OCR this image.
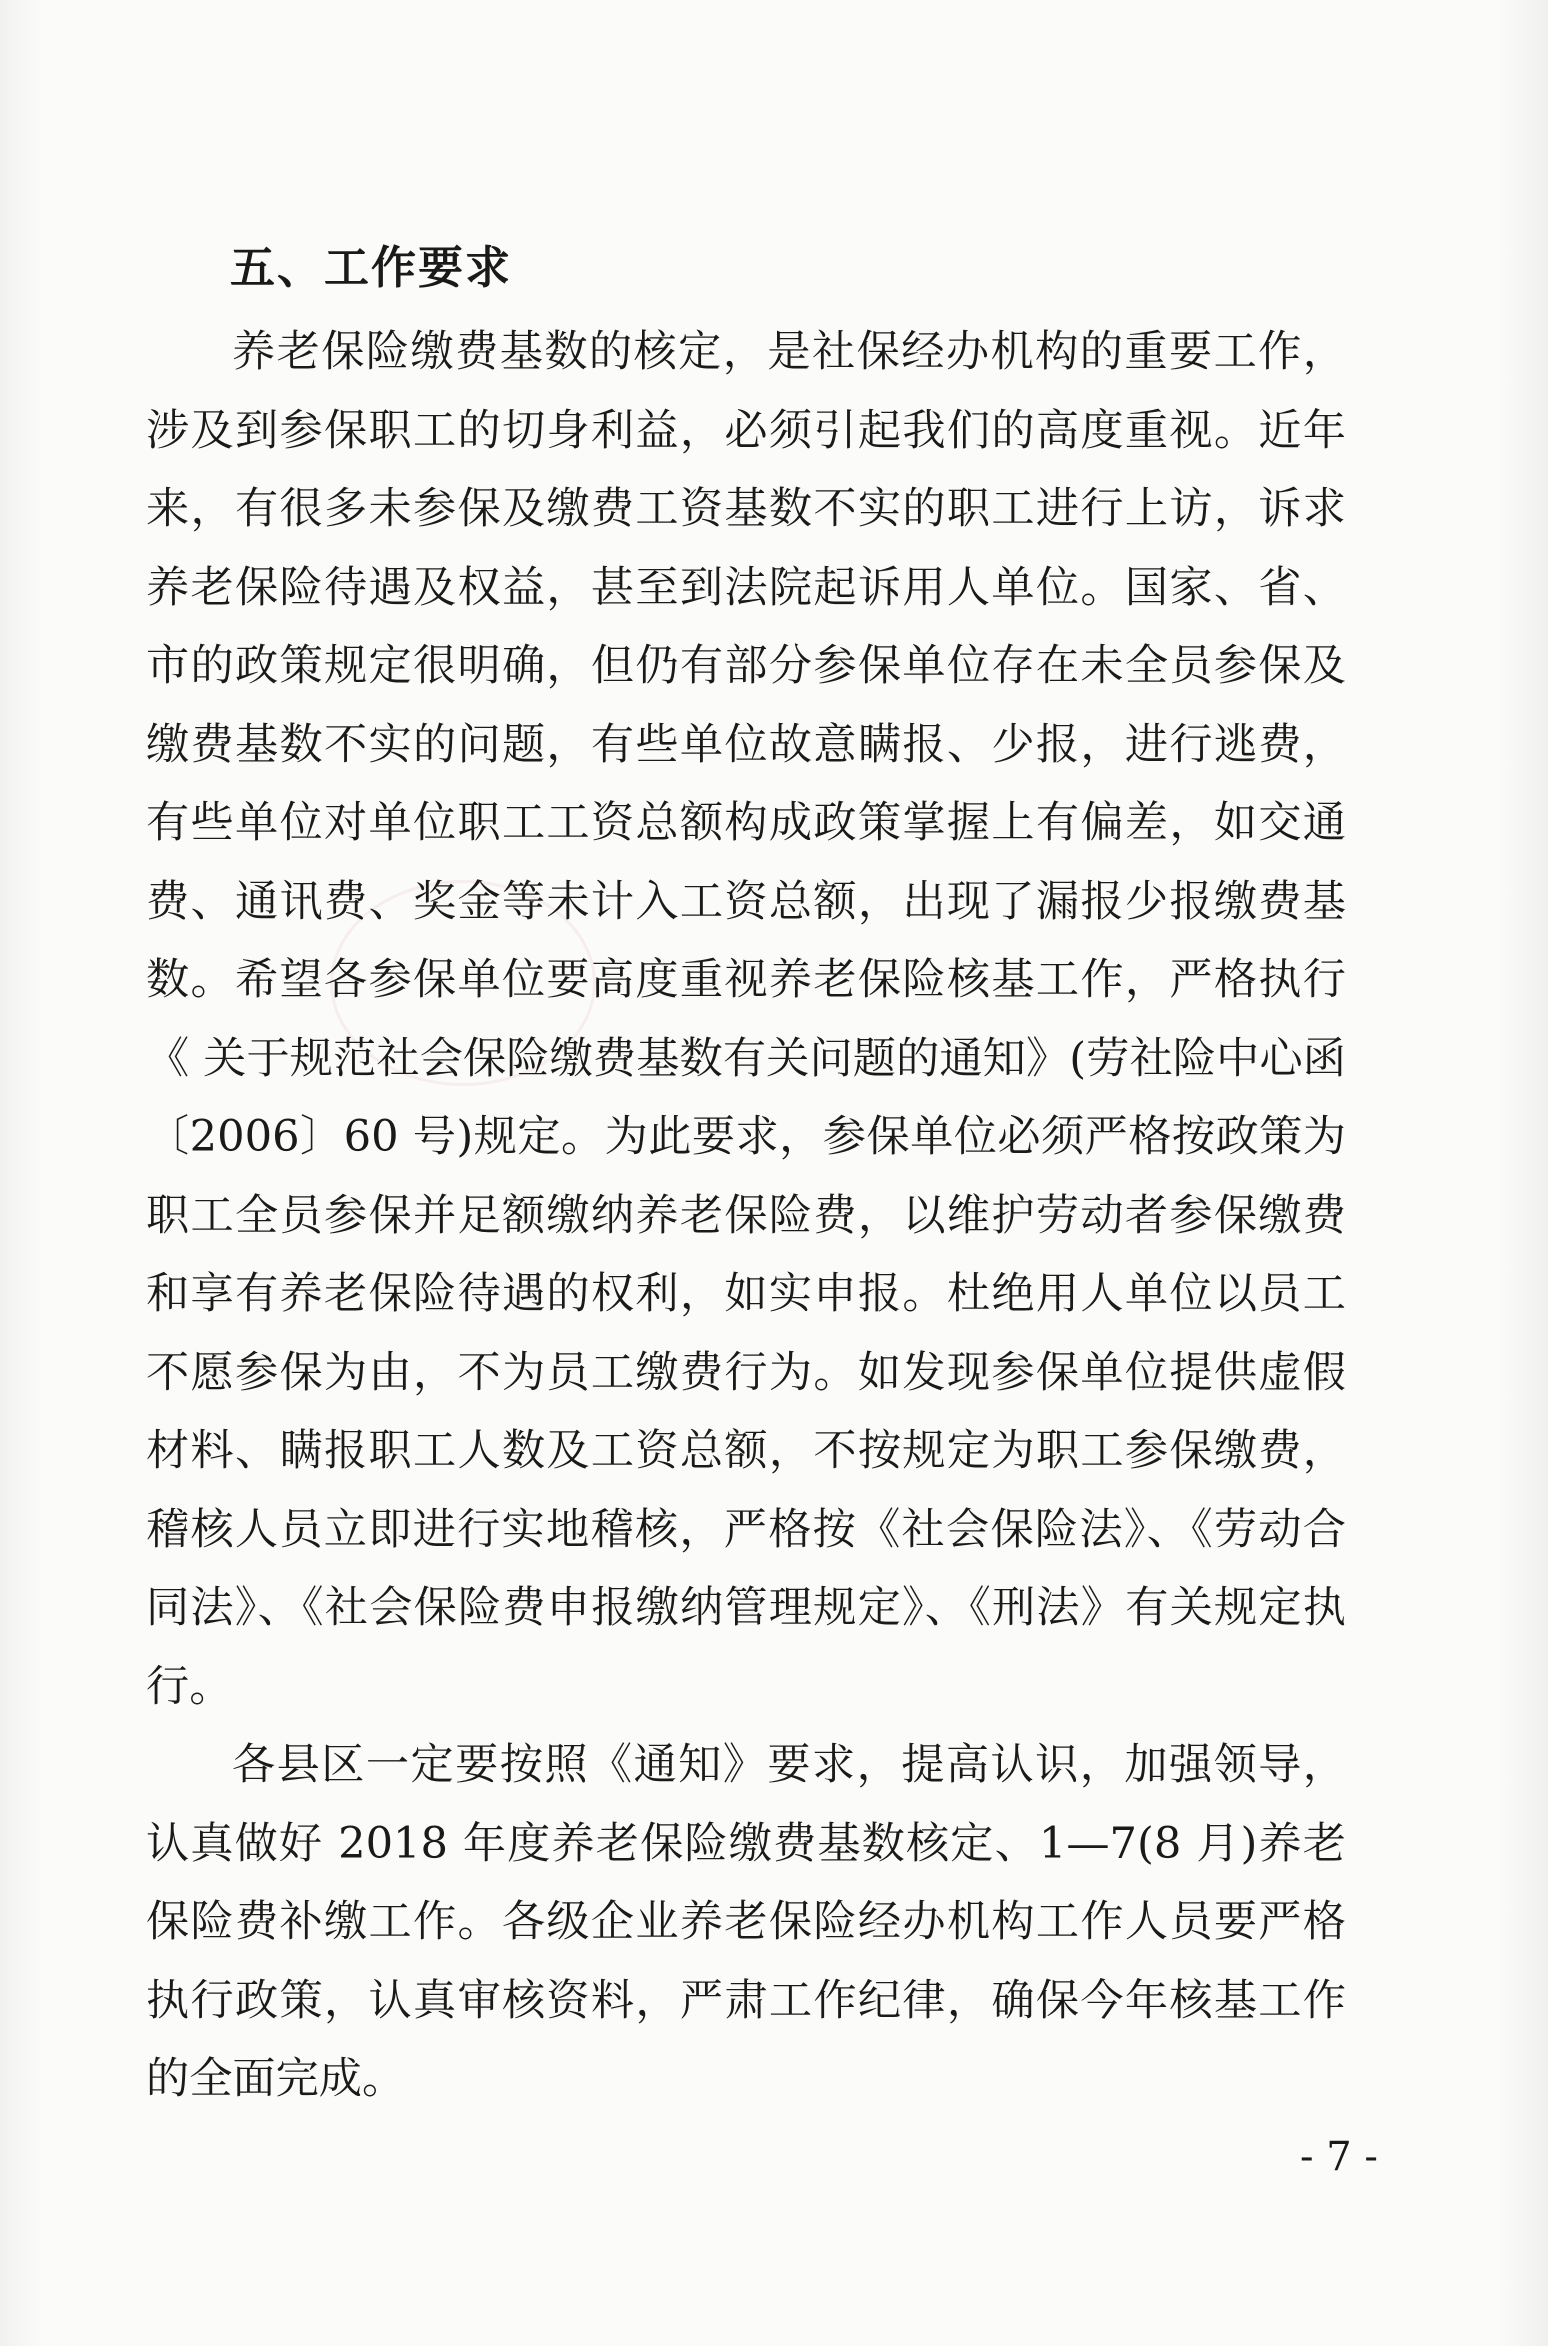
五、工作要求

养老保险缴费基数的核定，是社保经办机构的重要工作，涉及到参保职工的切身利益，必须引起我们的高度重视。近年来，有很多未参保及缴费工资基数不实的职工进行上访，诉求养老保险待遇及权益，甚至到法院起诉用人单位。国家、省、市的政策规定很明确，但仍有部分参保单位存在未全员参保及缴费基数不实的问题，有些单位故意瞒报、少报，进行逃费，有些单位对单位职工工资总额构成政策掌握上有偏差，如交通费、通讯费、奖金等未计入工资总额，出现了漏报少报缴费基数。希望各参保单位要高度重视养老保险核基工作，严格执行《 关于规范社会保险缴费基数有关问题的通知》(劳社险中心函〔2006〕60 号)规定。为此要求，参保单位必须严格按政策为职工全员参保并足额缴纳养老保险费，以维护劳动者参保缴费和享有养老保险待遇的权利，如实申报。杜绝用人单位以员工不愿参保为由，不为员工缴费行为。如发现参保单位提供虚假材料、瞒报职工人数及工资总额，不按规定为职工参保缴费，稽核人员立即进行实地稽核，严格按《社会保险法》、《劳动合同法》、《社会保险费申报缴纳管理规定》、《刑法》有关规定执行。

各县区一定要按照《通知》要求，提高认识，加强领导，认真做好 2018 年度养老保险缴费基数核定、1—7(8 月)养老保险费补缴工作。各级企业养老保险经办机构工作人员要严格执行政策，认真审核资料，严肃工作纪律，确保今年核基工作的全面完成。

- 7 -
